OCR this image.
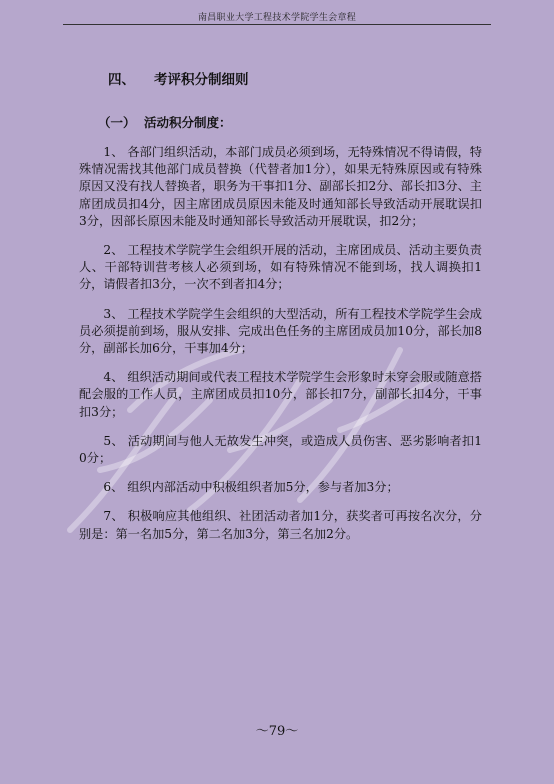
南昌职业大学工程技术学院学生会章程
四、 考评积分制细则
（一） 活动积分制度：

1、 各部门组织活动，本部门成员必须到场，无特殊情况不得请假，特殊情况需找其他部门成员替换（代替者加1分），如果无特殊原因或有特殊原因又没有找人替换者，职务为干事扣1分、副部长扣2分、部长扣3分、主席团成员扣4分，因主席团成员原因未能及时通知部长导致活动开展耽误扣3分，因部长原因未能及时通知部长导致活动开展耽误，扣2分；

2、 工程技术学院学生会组织开展的活动，主席团成员、活动主要负责人、干部特训营考核人必须到场，如有特殊情况不能到场，找人调换扣1分，请假者扣3分，一次不到者扣4分；

3、 工程技术学院学生会组织的大型活动，所有工程技术学院学生会成员必须提前到场，服从安排、完成出色任务的主席团成员加10分，部长加8分，副部长加6分，干事加4分；

4、 组织活动期间或代表工程技术学院学生会形象时未穿会服或随意搭配会服的工作人员，主席团成员扣10分，部长扣7分，副部长扣4分，干事扣3分；

5、 活动期间与他人无故发生冲突，或造成人员伤害、恶劣影响者扣10分；

6、 组织内部活动中积极组织者加5分，参与者加3分；

7、 积极响应其他组织、社团活动者加1分，获奖者可再按名次分，分别是：第一名加5分，第二名加3分，第三名加2分。

～79～
